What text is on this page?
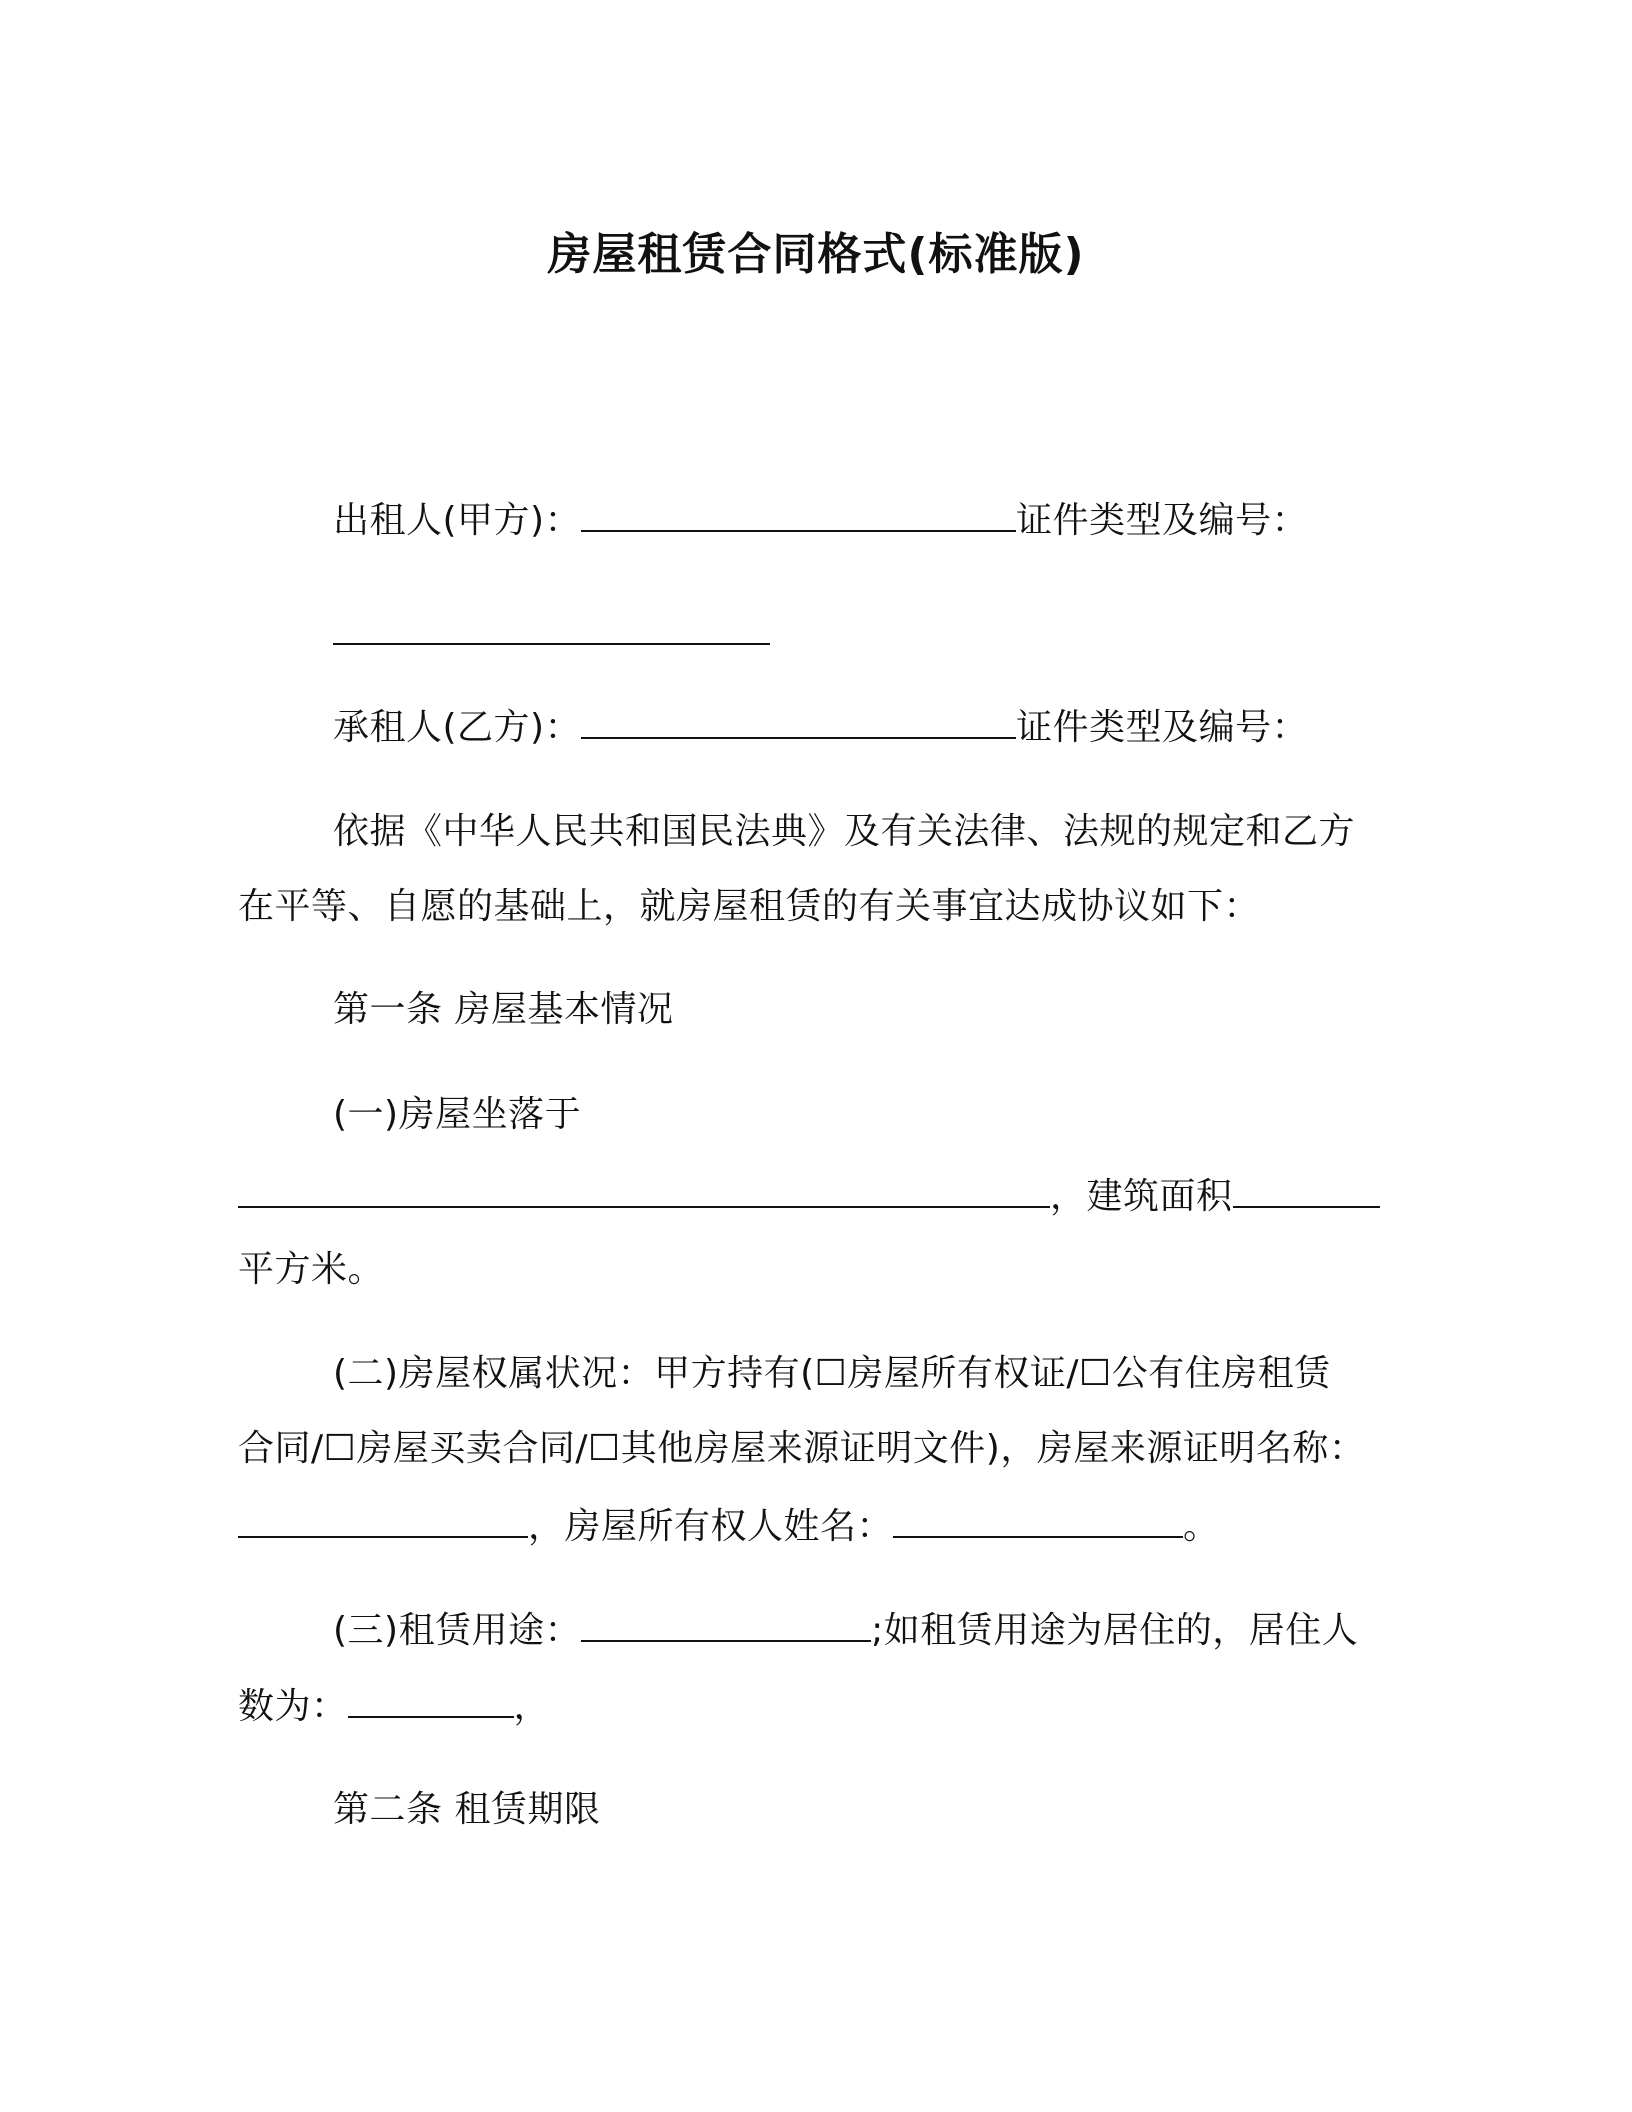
房屋租赁合同格式(标准版)
出租人(甲方)：	证件类型及编号：
承租人(乙方)：	证件类型及编号：
依据《中华人民共和国民法典》及有关法律、法规的规定和乙方
在平等、自愿的基础上，就房屋租赁的有关事宜达成协议如下：
第一条 房屋基本情况
(一)房屋坐落于
，建筑面积
平方米。
(二)房屋权属状况：甲方持有(☐房屋所有权证/☐公有住房租赁
合同/☐房屋买卖合同/☐其他房屋来源证明文件)，房屋来源证明名称：
，房屋所有权人姓名：	。
(三)租赁用途：	;如租赁用途为居住的，居住人
数为：	，
第二条 租赁期限
